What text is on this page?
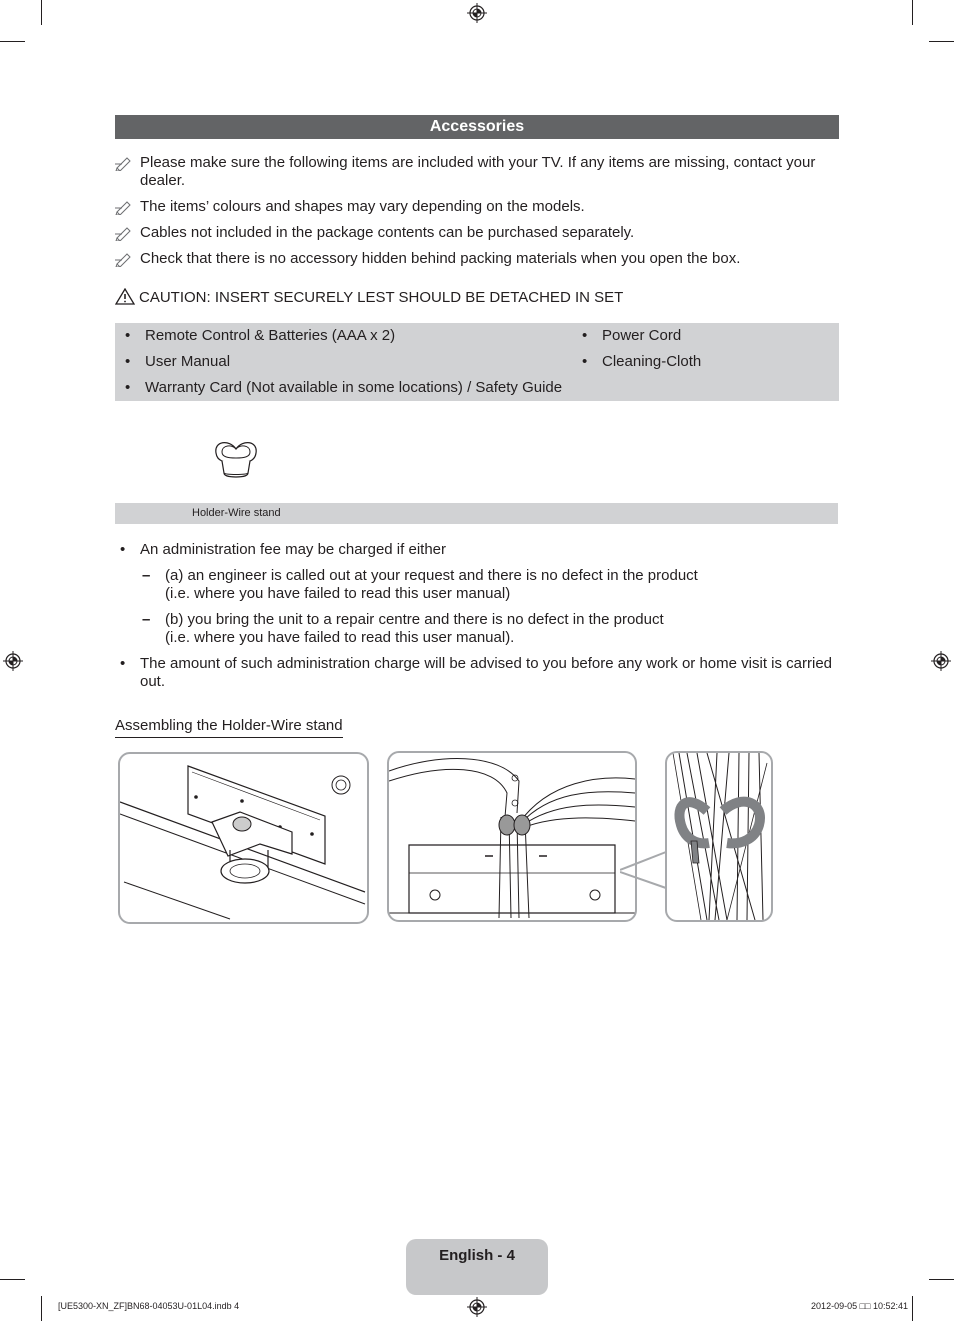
Accessories
Please make sure the following items are included with your TV. If any items are missing, contact your dealer.
The items’ colours and shapes may vary depending on the models.
Cables not included in the package contents can be purchased separately.
Check that there is no accessory hidden behind packing materials when you open the box.
CAUTION: INSERT SECURELY LEST SHOULD BE DETACHED IN SET
• Remote Control & Batteries (AAA x 2)
• User Manual
• Warranty Card (Not available in some locations) / Safety Guide
• Power Cord
• Cleaning-Cloth
Holder-Wire stand
• An administration fee may be charged if either
– (a) an engineer is called out at your request and there is no defect in the product
(i.e. where you have failed to read this user manual)
– (b) you bring the unit to a repair centre and there is no defect in the product
(i.e. where you have failed to read this user manual).
• The amount of such administration charge will be advised to you before any work or home visit is carried out.
Assembling the Holder-Wire stand
English - 4
[UE5300-XN_ZF]BN68-04053U-01L04.indb 4	2012-09-05 □□ 10:52:41
